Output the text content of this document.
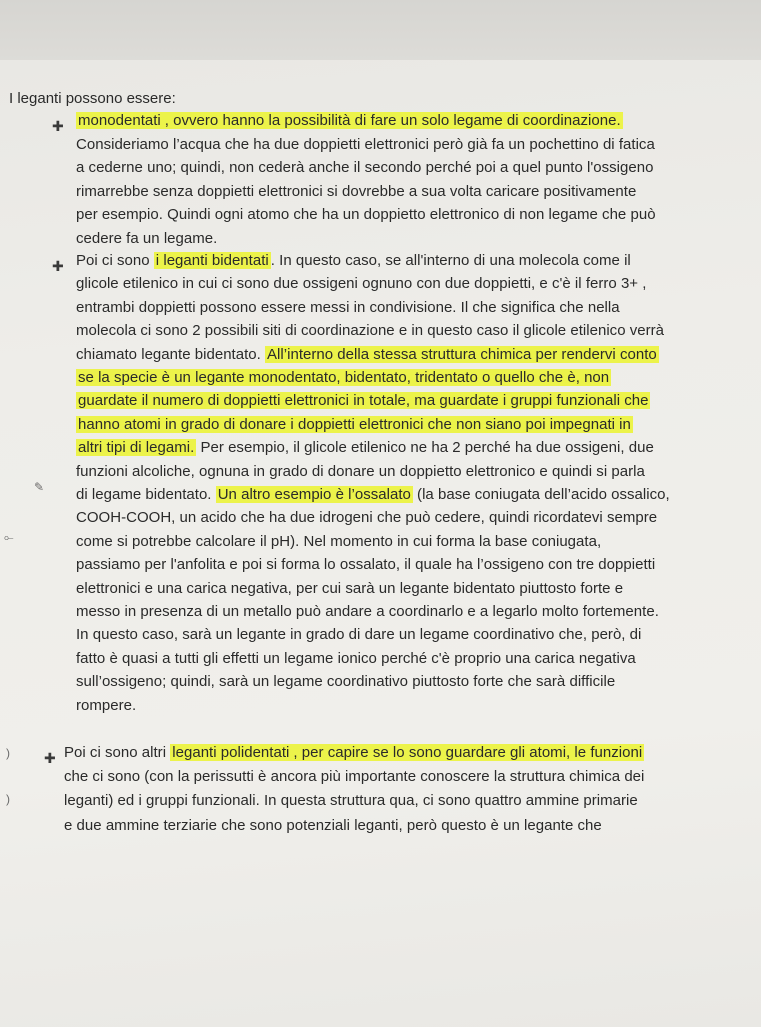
I leganti possono essere:
✚ monodentati , ovvero hanno la possibilità di fare un solo legame di coordinazione.
Consideriamo l’acqua che ha due doppietti elettronici però già fa un pochettino di fatica
a cederne uno; quindi, non cederà anche il secondo perché poi a quel punto l'ossigeno
rimarrebbe senza doppietti elettronici si dovrebbe a sua volta caricare positivamente
per esempio. Quindi ogni atomo che ha un doppietto elettronico di non legame che può
cedere fa un legame.
✚ Poi ci sono i leganti bidentati . In questo caso, se all'interno di una molecola come il
glicole etilenico in cui ci sono due ossigeni ognuno con due doppietti, e c'è il ferro 3+ ,
entrambi doppietti possono essere messi in condivisione. Il che significa che nella
molecola ci sono 2 possibili siti di coordinazione e in questo caso il glicole etilenico verrà
chiamato legante bidentato. All’interno della stessa struttura chimica per rendervi conto
se la specie è un legante monodentato, bidentato, tridentato o quello che è, non
guardate il numero di doppietti elettronici in totale, ma guardate i gruppi funzionali che
hanno atomi in grado di donare i doppietti elettronici che non siano poi impegnati in
altri tipi di legami. Per esempio, il glicole etilenico ne ha 2 perché ha due ossigeni, due
funzioni alcoliche, ognuna in grado di donare un doppietto elettronico e quindi si parla
di legame bidentato. Un altro esempio è l’ossalato (la base coniugata dell’acido ossalico,
COOH-COOH, un acido che ha due idrogeni che può cedere, quindi ricordatevi sempre
come si potrebbe calcolare il pH). Nel momento in cui forma la base coniugata,
passiamo per l'anfolita e poi si forma lo ossalato, il quale ha l’ossigeno con tre doppietti
elettronici e una carica negativa, per cui sarà un legante bidentato piuttosto forte e
messo in presenza di un metallo può andare a coordinarlo e a legarlo molto fortemente.
In questo caso, sarà un legante in grado di dare un legame coordinativo che, però, di
fatto è quasi a tutti gli effetti un legame ionico perché c'è proprio una carica negativa
sull’ossigeno; quindi, sarà un legame coordinativo piuttosto forte che sarà difficile
rompere.
✚ Poi ci sono altri leganti polidentati , per capire se lo sono guardare gli atomi, le funzioni
che ci sono (con la perissutti è ancora più importante conoscere la struttura chimica dei
leganti) ed i gruppi funzionali. In questa struttura qua, ci sono quattro ammine primarie
e due ammine terziarie che sono potenziali leganti, però questo è un legante che
✎
⟜
)
)
